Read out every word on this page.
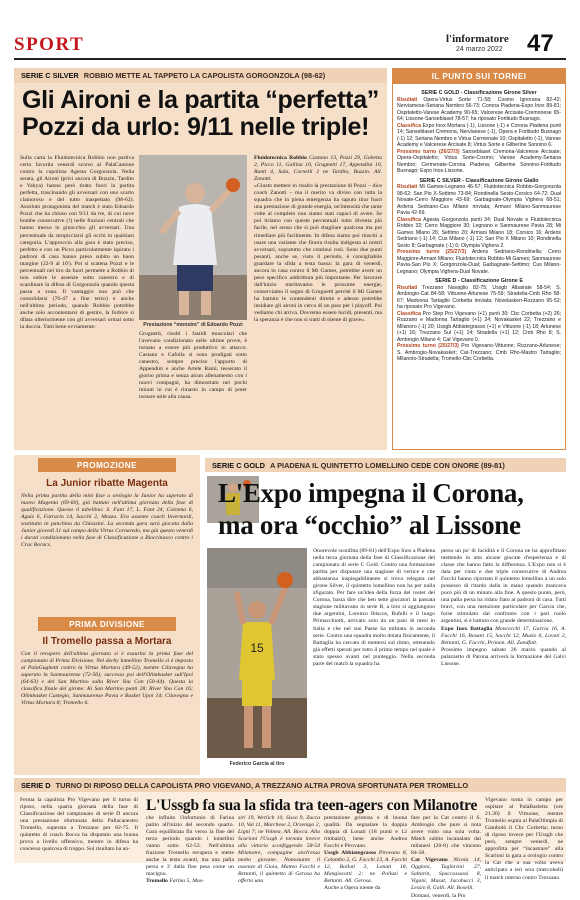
SPORT	l'informatore
24 marzo 2022 47
SERIE C SILVER ROBBIO METTE AL TAPPETO LA CAPOLISTA GORGONZOLA (98-62)
Gli Aironi e la partita “perfetta”
Pozzi da urlo: 9/11 nelle triple!
Sulla carta la Fluidotecnica Robbio non partiva certo favorita venerdì scorso al PalaCantone contro la capolista Agesta Gorgonzola. Nella serata, gli Aironi (privi ancora di Buzzin, Tardito e Yahya) hanno però tirato fuori la partita perfetta, trascinando gli avversari con uno scarto clamoroso e del tutto inaspettato (98-62). Assoluto protagonista del match è stato Edoardo Pozzi che ha chiuso con 9/11 da tre, di cui nove bombe consecutive (!) nelle frazioni centrali che hanno messo in ginocchio gli avversari. Una percentuale da stropicciarsi gli occhi in qualsiasi categoria. L'approccio alla gara è stato preciso, perfetto e con un Picco particolarmente ispirato i padroni di casa hanno preso subito un buon margine (22-9 al 10'). Poi si scatena Pozzi e le percentuali nel tiro da fuori permette a Robbio di non subire le assenze sotto canestro e di scardinare la difesa di Gorgonzola quando questa passa a zona. Il vantaggio non può che consolidarsi (76-47 a fine terzo) e anche nell'ultimo periodo, quando Robbio potrebbe anche solo accontentarsi di gestire, la forbice si dilata ulteriormente con gli avversari ormai sotto la doccia. Tutti bene ovviamente:	Prestazione “monstre” di Edoardo Pozzi
Grugnetti, risolti i fastidi muscolari che l'avevano condizionato nelle ultime prove, è tornato a essere più produttivo in attacco. Castano e Cafolla si sono prodigati sotto canestro, sempre preciso l'apporto di Appendini e anche Artele Rainì, tesserato il giorno prima e senza alcun allenamento con i nuovi compagni, ha dimostrato nei pochi minuti in cui è rimasto in campo di poter tornare utile alla causa.

Fluidotecnica Robbio Castano 13, Pozzi 29, Gobetta 2, Picco 11, Gallina 10, Grugnetti 17, Appendini 10, Ranti 4, Sala, Cornelli 2 ne Tardito, Buzzin. All. Zanotti.

«Giusto mettere in risalto la prestazione di Pozzi – dice coach Zanotti – ma il merito va diviso con tutta la squadra che in piena emergenza ha saputo tirar fuori una prestazione di grande energia, un'intensità che tante volte al completo non siamo stati capaci di avere. Se poi tiriamo con queste percentuali tutto diventa più facile, nel senso che si può sbagliare qualcosa ma poi rimediare più facilmente. In difesa siamo poi riusciti a usare una variante che finora risulta indigesta ai nostri avversari, sopratutto che continui così. Sono due punti pesanti, anche se, visto il periodo, è consigliabile guardare la sfida a testa bassa: la gara di venerdì, ancora in casa contro il Mi Games, potrebbe avere un peso specifico addirittura più importante. Per lavorare dall'inizio meritavamo le prossime energie, conserviamo il segno di Grugnetti perché il Mi Games ha battuto le contendenti dirette e adesso potrebbe insidiare gli aironi in cerca di un pass per i playoff. Poi vediamo chi arriva. Dovremo essere lucidi, presenti, ma la speranza è che non si tratti di niente di grave».

IL PUNTO SUI TORNEI
SERIE C GOLD - Classificazione Girone Silver
Risultati Opera-Virtus Sorte 71-58; Cosmo Ignorana 82-42; Nerviamese-Seriana Nembro 56-73; Corona Piadena-Expo Inox 89-81; Ospitaletto-Varese Academy 90-65; Valcerese Arcisate-Cremonese 65-64; Lissone-Sanseblaset 78-57; ha riposato Fortitudo Busnago.
Classifica Expo Inox Mortara (-1), Lissone (-1) e Corona Piadena punti 14; Sanseblaset Cremona, Nervianese (-1), Opera e Fortitudo Busnago (-1) 12; Seriana Nembro e Virtus Cermenate 10; Ospitaletto (-1), Varese Academy e Valcerese Arcisate 8; Virtus Sorte e Gilberine Sonnino 6.
Prossimo turno (26/27/3) Sanseblaset Cremona-Valcerese Arcisate; Opera-Ospitaletto; Virtus Sorte-Cosmo; Varese Academy-Seriana Nembro; Cermenate-Corona Piadena; Gilberine Sonnino-Fortitudo Busnago; Expo Inox-Lissone.
SERIE C SILVER - Classificazione Girone Giallo
Risultati Mi Games-Legnano 46-57; Fluidotecnica Robbio-Gorgonzola 98-62; San Pio X-Settimo 73-84; Rondinella Sesto-Corsico 64-72; Dual Novate-Cerro Maggiore 43-69; Garbagnate-Olympia Vighera 68-51; Ardens Sedriano-Cus Milano rinviata; Armani Milano-Sanmaurese Pavia 42-69.
Classifica Agesta Gorgonzola punti 34; Dual Novate e Fluidotecnica Robbio 32; Cerro Maggiore 30; Legnano e Sanmaurese Pavia 28; Mi Games Mlano 26; Settimo 20; Armani Milano 18; Corsico 16; Ardens Sedriano (-1) 14; Cus Milano (-1) 12; San Pio X Milano 10; Rondinella Sesto 8; Garbagnate (-1) 6; Olympia Vighera 2.
Prossimo turno (25/27/3) Ardens Sedriano-Rondinella; Cerro Maggiore-Armani Milano; Fluidotecnica Robbio-Mi Games; Sanmaurese Pavia-San Pio X; Gorgonzola-Dual; Garbagnate-Settimo; Cus Milano-Legnano; Olympia Vighera-Dual Novate.
SERIE D - Classificazione Girone E
Risultati Trezzano Navaglio 82-75; Ussgb Albairate 58-54; S. Ambrogio-Cat 84-58; Vittuone-Arlunese 75-59; Stradella-Cmb Rho 58-67; Madonna Tartaglio Corbetta rinviata; Novelasken-Rozzano 95-52; ha riposato Pro Vigevano.
Classifica Pro Step Pro Vigevano (+1) punti 30; Cbc Corbetta (+2) 26; Rozzano e Madonna Tartaglio (+1) 24; Novakasket 22; Trezzano e Milanoro (-1) 20; Ussgb Abbiategrasso (+1) e Vittuone (-1) 18; Arlunese (+1) 16; Trezzano Sul (+1) 14; Stradella (+1) 12; Cmb Rho 8; S. Ambrogio Milano 4; Cat Vigevano 0.
Prossimo turno (25/27/3) Pro Vigevano-Vittuone; Rozzano-Arlunese; S. Ambrogio-Novakasket; Cat-Trezzano; Cmb Rho-Mastro Tartaglio; Milanoto-Stradella; Tromello-Cbc Corbetta.
PROMOZIONE
La Junior ribatte Magenta
Nella prima partita della mini fase a orologio la Junior ha superato di nuovo Magenta (69-60), già battuto nell'ultima giornata della fase di qualificazione. Questo il tabellino: S. Fant 17, L. Fant 24, Colonna 6, Aguiz 6, Fatracin 14, Sacchi 2, Mozza. Era assente coach Invernardi, sostituito in panchina da Chiozzini. La seconda gara sarà giocata dalla Junior giovedì 31 sul campo della Virtus Cornaredo, ma già questo venerdì i durati condizionano nella fase di Classificazione a Bioccinasco contro i Crac Boracs.
PRIMA DIVISIONE
Il Tromello passa a Mortara
Con il recupero dell'ultima giornata si è esaurita la prima fase del campionato di Prima Divisione. Nel derby lomellino Tromello si è imposto al PalaGughetti contro la Virtus Mortara (49-52), mentre Cilavegna ha superato la Sanmaurense (72-56); successo poi dell'Olimbasket sull'Ipoi (64-63) e del San Martino sulla River You Con (50-44). Questa la classifica finale del girone: Ki San Martino punti 28; River You Con 16; Olimbasket Castegio, Sanmaurense Pavia e Basket Upoi 14; Cilavegna e Virtus Mortara 8; Tromello 6.
SERIE C GOLD A PIADENA IL QUINTETTO LOMELLINO CEDE CON ONORE (89-81)
L'Expo impegna il Corona,
ma ora “occhio” al Lissone
15
Federico Garcia al tiro
Onorevole sconfitta (89-81) dell'Expo Inox a Piadena nella terza giornata della fase di Classificazione del campionato di serie C Gold. Contro una formazione partita per disputare una stagione di vertice e che abbastanza inspiegabilmente si trova relegata nel girone Silver, il quintetto lomellino non ha per nulla sfigurato. Per fare un'idea della forza del roster del Corona, basta dire che ben sette giocatori la passata stagione militavano in serie B, a loro si aggiungono due argentini, Lorenzo Ibiscus, Bufelli e il lungo Primacchiotti, arrivato solo da un paio di mesi in Italia e che nel suo Paese ha militato in seconda serie. Contro una squadra molto dotata fisicamente, il Battaglia ha cercato di mettersi sul ritmo, ottenendo già effetti sperati per tutto il primo tempo nel quale è stato spesso avanti nel punteggio. Nella seconda parte del match la squadra ha

perso un po' di lucidità e il Corona ne ha approfittato mettendo in atto alcune giocate d'esperienza e di classe che hanno fatto la differenza. L'Expo non si è data per vinta e due triple consecutive di Andrea Facchi hanno riportato il quintetto lomellino a un solo possesso di ritardo dalla in mano quando mancava poco più di un minuto alla fine. A questo punto, però, una palla persa ha ridato fiato ai padroni di casa. Tutti bravi, con una menzione particolare per Garcia che, forse stimolato dal confronto con i pari ruolo argentini, si è battuto con grande determinazione.

Expo Inox Battaglia Moncecchi 17, Garcia 16, A. Facchi 16, Bosani 15, Socchi 12, Muzio 6, Lovati 2, Bettanti, G. Facchi, Primon. All. Zandfalt.

Prossimo impegno sabato 26 marzo quando al palazzetto di Parona arriverà la formazione del Galvi Lissone.

SERIE D TURNO DI RIPOSO DELLA CAPOLISTA PRO VIGEVANO, A TREZZANO ALTRA PROVA SFORTUNATA PER TROMELLO
L'Ussgb fa sua la sfida tra teen-agers con Milanotre
Ferma la capolista Pro Vigevano per il turno di riposo, nella quarta giornata della fase di Classificazione del campionato di serie D ancora una prestazione sfortunata della Pallacanestro Tromello, superata a Trezzano per 82-75. Il quintetto di coach Bocca ha disputato una buona prova a livello offensivo, mentre in difesa ha concesso qualcosa di troppo. Sul risultato ha an-

che influito l'infortunio di Farina patito all'inizio del secondo quarto. Gara equilibrata fin verso la fine del terzo periodo quando i lomellini vanno sotto 62-53. Nell'ultima frazione Tromello recupera e mette anche la testa avanti, ma una palla persa e 3' dalla fine pesa come un macigno.

Tromello Farina 5, Mus-

siri 19, Werlich 10, Sisso 9, Zucca 10, Vai 11, Marchese 2, Orsenigo 2, Ligni 7; ne Volnea. All. Bocca. Alla Scarioni l'Ussgb è tornata invece alla vittoria sconfiggendo 58-54 Milanotre, compagine anch'essa molto giovane. Nonostante il assenze di Gioia, Matteo Facchi e Bettanti, il quintetto di Gerosa ha offerto una

prestazione grintosa e di buona qualità. Da segnalare la doppia doppia di Lonati (18 punti e 12 rimbalzi), bene anche Andrea Facchi e Pirovano.

Ussgb Abbiategrasso Pirovano 8, Colombo 2, G. Facchi 13, A. Facchi 12, Bollati 3, Lonati 18, Mangiacotti 2; ne Polluzi e Bettanti. All. Gerosa.

Anche a Opera niente da

fare per la Cat contro il S. Ambrogio che pure si nota avere vinto una sola volta. Match subito incanalato dai milanesi (20-8) che vincono 84-58.

Cat Vigevano Nicola 14, Oggioni, Tagliavini 27, Saltarin, Spaccossassi 8, Vigani, Musat, Jacobucci 3, Lessio 8, Galli. All. Boselli.

Domani, venerdì, la Pro

Vigevano torna in campo per ospitare al PalaBasletta (ore 21.30) il Vittuone, mentre Tromello ospita al PalaOlimpia di Gambolò il Cbc Corbetta; turno di riposo invece per l'Ussgb che però, sempre venerdì, ne approfitta per “incastrare” alla Scarioni la gara a orologio contro la Cat che a sua volta aveva anticipato a ieri sera (mercoledì) il match interno contro Trezzano.
